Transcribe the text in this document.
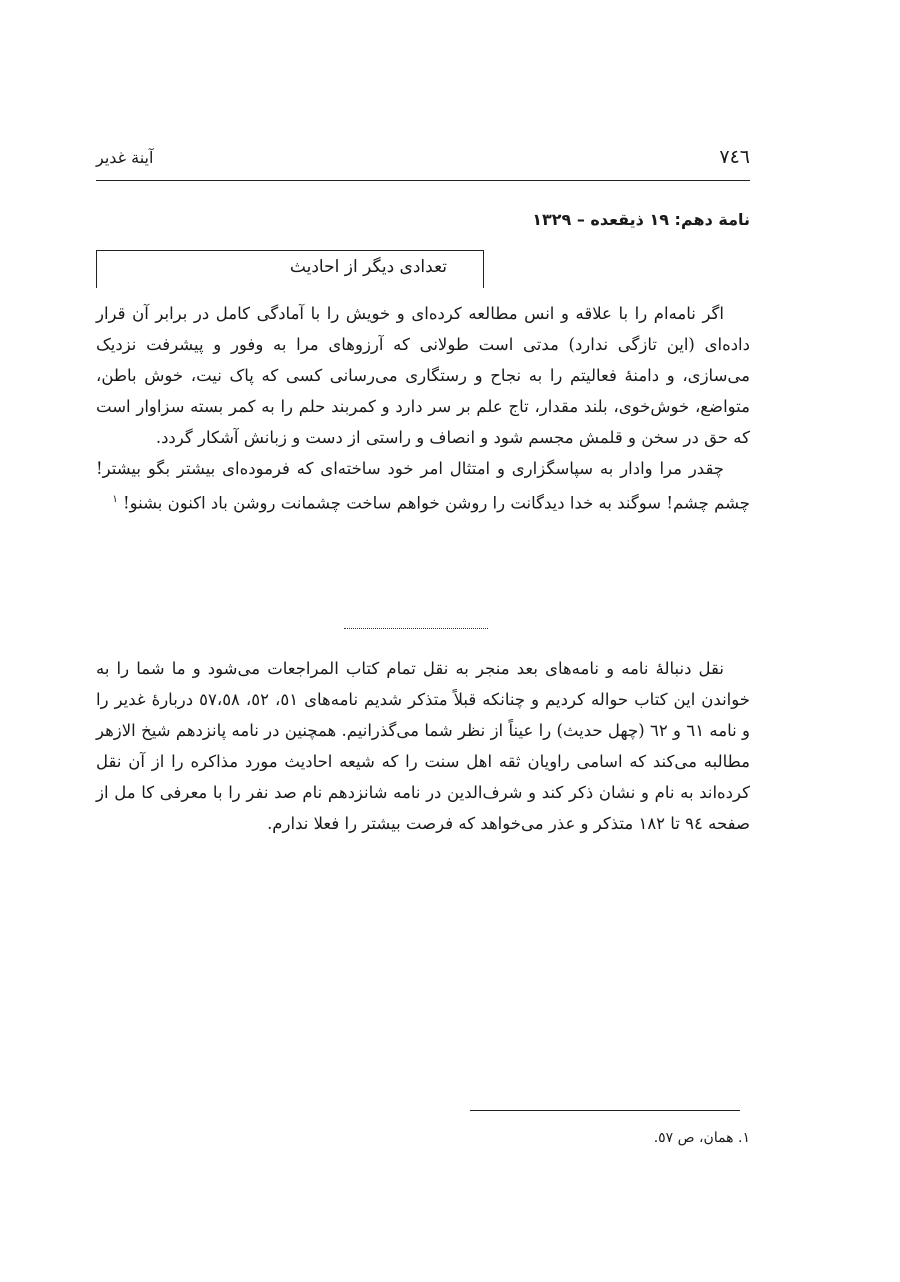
٧٤٦
آينة غدير
نامة دهم: ١٩ ذيقعده – ١٣٢٩
تعدادی دیگر از احادیث

اگر نامه‌ام را با علاقه و انس مطالعه کرده‌ای و خویش را با آمادگی کامل در برابر آن قرار داده‌ای (این تازگی ندارد) مدتی است طولانی که آرزوهای مرا به وفور و پیشرفت نزدیک می‌سازی، و دامنهٔ فعالیتم را به نجاح و رستگاری می‌رسانی کسی که پاک نیت، خوش باطن، متواضع، خوش‌خوی، بلند مقدار، تاج علم بر سر دارد و کمربند حلم را به کمر بسته سزاوار است که حق در سخن و قلمش مجسم شود و انصاف و راستی از دست و زبانش آشکار گردد.

چقدر مرا وادار به سپاسگزاری و امتثال امر خود ساخته‌ای که فرموده‌ای بیشتر بگو بیشتر! چشم چشم! سوگند به خدا دیدگانت را روشن خواهم ساخت چشمانت روشن باد اکنون بشنو! $^١$

نقل دنبالهٔ نامه و نامه‌های بعد منجر به نقل تمام کتاب المراجعات می‌شود و ما شما را به خواندن این کتاب حواله کردیم و چنانکه قبلاً متذکر شدیم نامه‌های ٥١، ٥٢، ٥٧،٥٨ دربارهٔ غدیر را و نامه ٦١ و ٦٢ (چهل حدیث) را عیناً از نظر شما می‌گذرانیم. همچنین در نامه پانزدهم شیخ الازهر مطالبه می‌کند که اسامی راویان ثقه اهل سنت را که شیعه احادیث مورد مذاکره را از آن نقل کرده‌اند به نام و نشان ذکر کند و شرف‌الدین در نامه شانزدهم نام صد نفر را با معرفی کا مل از صفحه ٩٤ تا ١٨٢ متذکر و عذر می‌خواهد که فرصت بیشتر را فعلا ندارم.

١. همان، ص ٥٧.
